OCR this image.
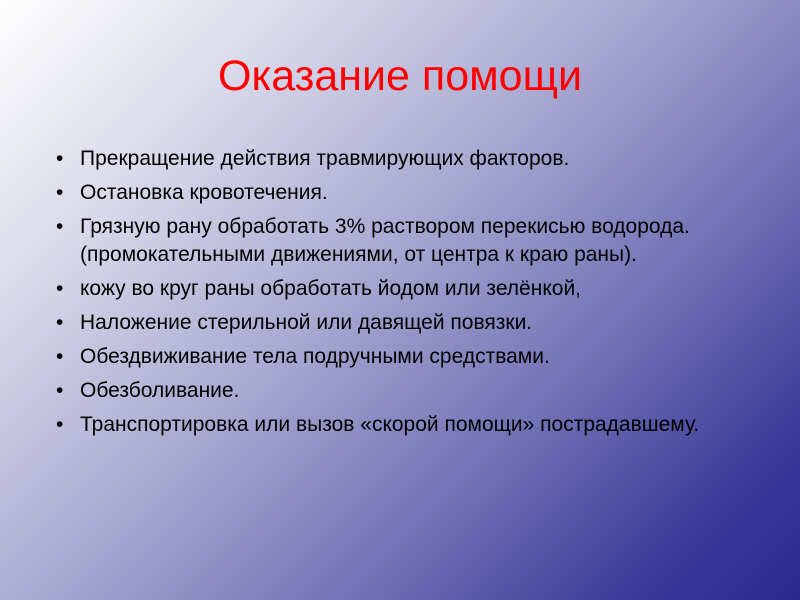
Оказание помощи
• Прекращение действия травмирующих факторов.
• Остановка кровотечения.
• Грязную рану обработать 3% раствором перекисью водорода. (промокательными движениями, от центра к краю раны).
• кожу во круг раны обработать йодом или зелёнкой,
• Наложение стерильной или давящей повязки.
• Обездвиживание тела подручными средствами.
• Обезболивание.
• Транспортировка или вызов «скорой помощи» пострадавшему.
